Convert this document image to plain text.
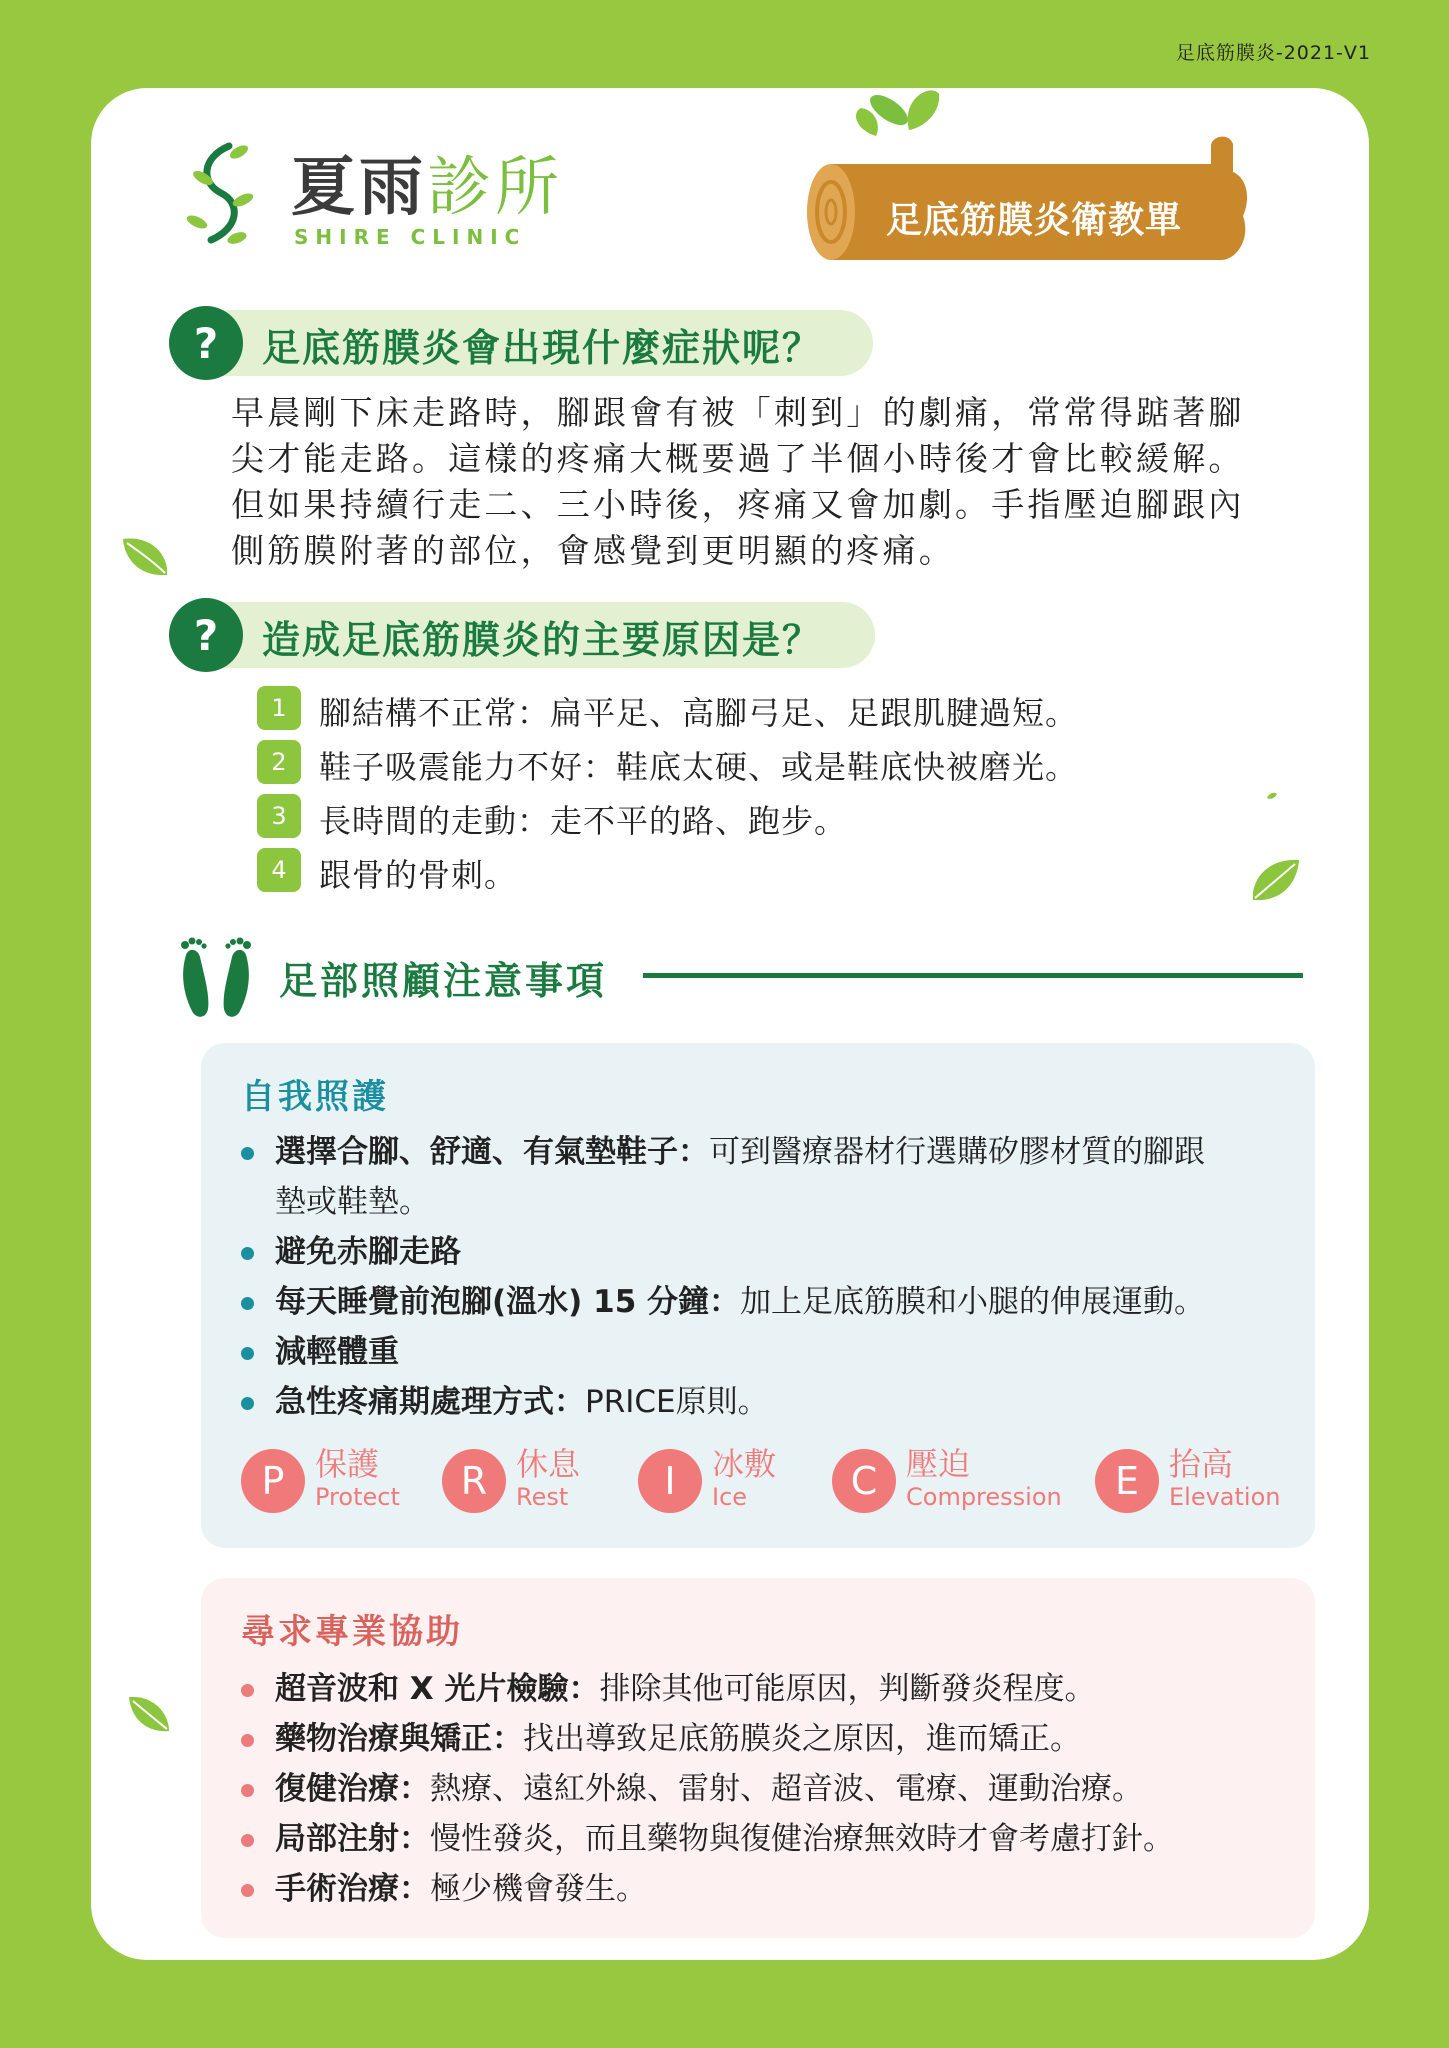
足底筋膜炎-2021-V1
夏雨診所
SHIRE CLINIC	足底筋膜炎衛教單
?	足底筋膜炎會出現什麼症狀呢？
早晨剛下床走路時，腳跟會有被「刺到」的劇痛，常常得踮著腳
尖才能走路。這樣的疼痛大概要過了半個小時後才會比較緩解。
但如果持續行走二、三小時後，疼痛又會加劇。手指壓迫腳跟內
側筋膜附著的部位，會感覺到更明顯的疼痛。
?	造成足底筋膜炎的主要原因是？
1	腳結構不正常：扁平足、高腳弓足、足跟肌腱過短。
2	鞋子吸震能力不好：鞋底太硬、或是鞋底快被磨光。
3	長時間的走動：走不平的路、跑步。
4	跟骨的骨刺。
足部照顧注意事項
自我照護
選擇合腳、舒適、有氣墊鞋子：可到醫療器材行選購矽膠材質的腳跟
墊或鞋墊。
避免赤腳走路
每天睡覺前泡腳(溫水) 15 分鐘：加上足底筋膜和小腿的伸展運動。
減輕體重
急性疼痛期處理方式：PRICE原則。
P 保護
Protect	R 休息
Rest	I	冰敷
Ice	C 壓迫
Compression	E 抬高
Elevation
尋求專業協助
超音波和 X 光片檢驗：排除其他可能原因，判斷發炎程度。
藥物治療與矯正：找出導致足底筋膜炎之原因，進而矯正。
復健治療：熱療、遠紅外線、雷射、超音波、電療、運動治療。
局部注射：慢性發炎，而且藥物與復健治療無效時才會考慮打針。
手術治療：極少機會發生。
